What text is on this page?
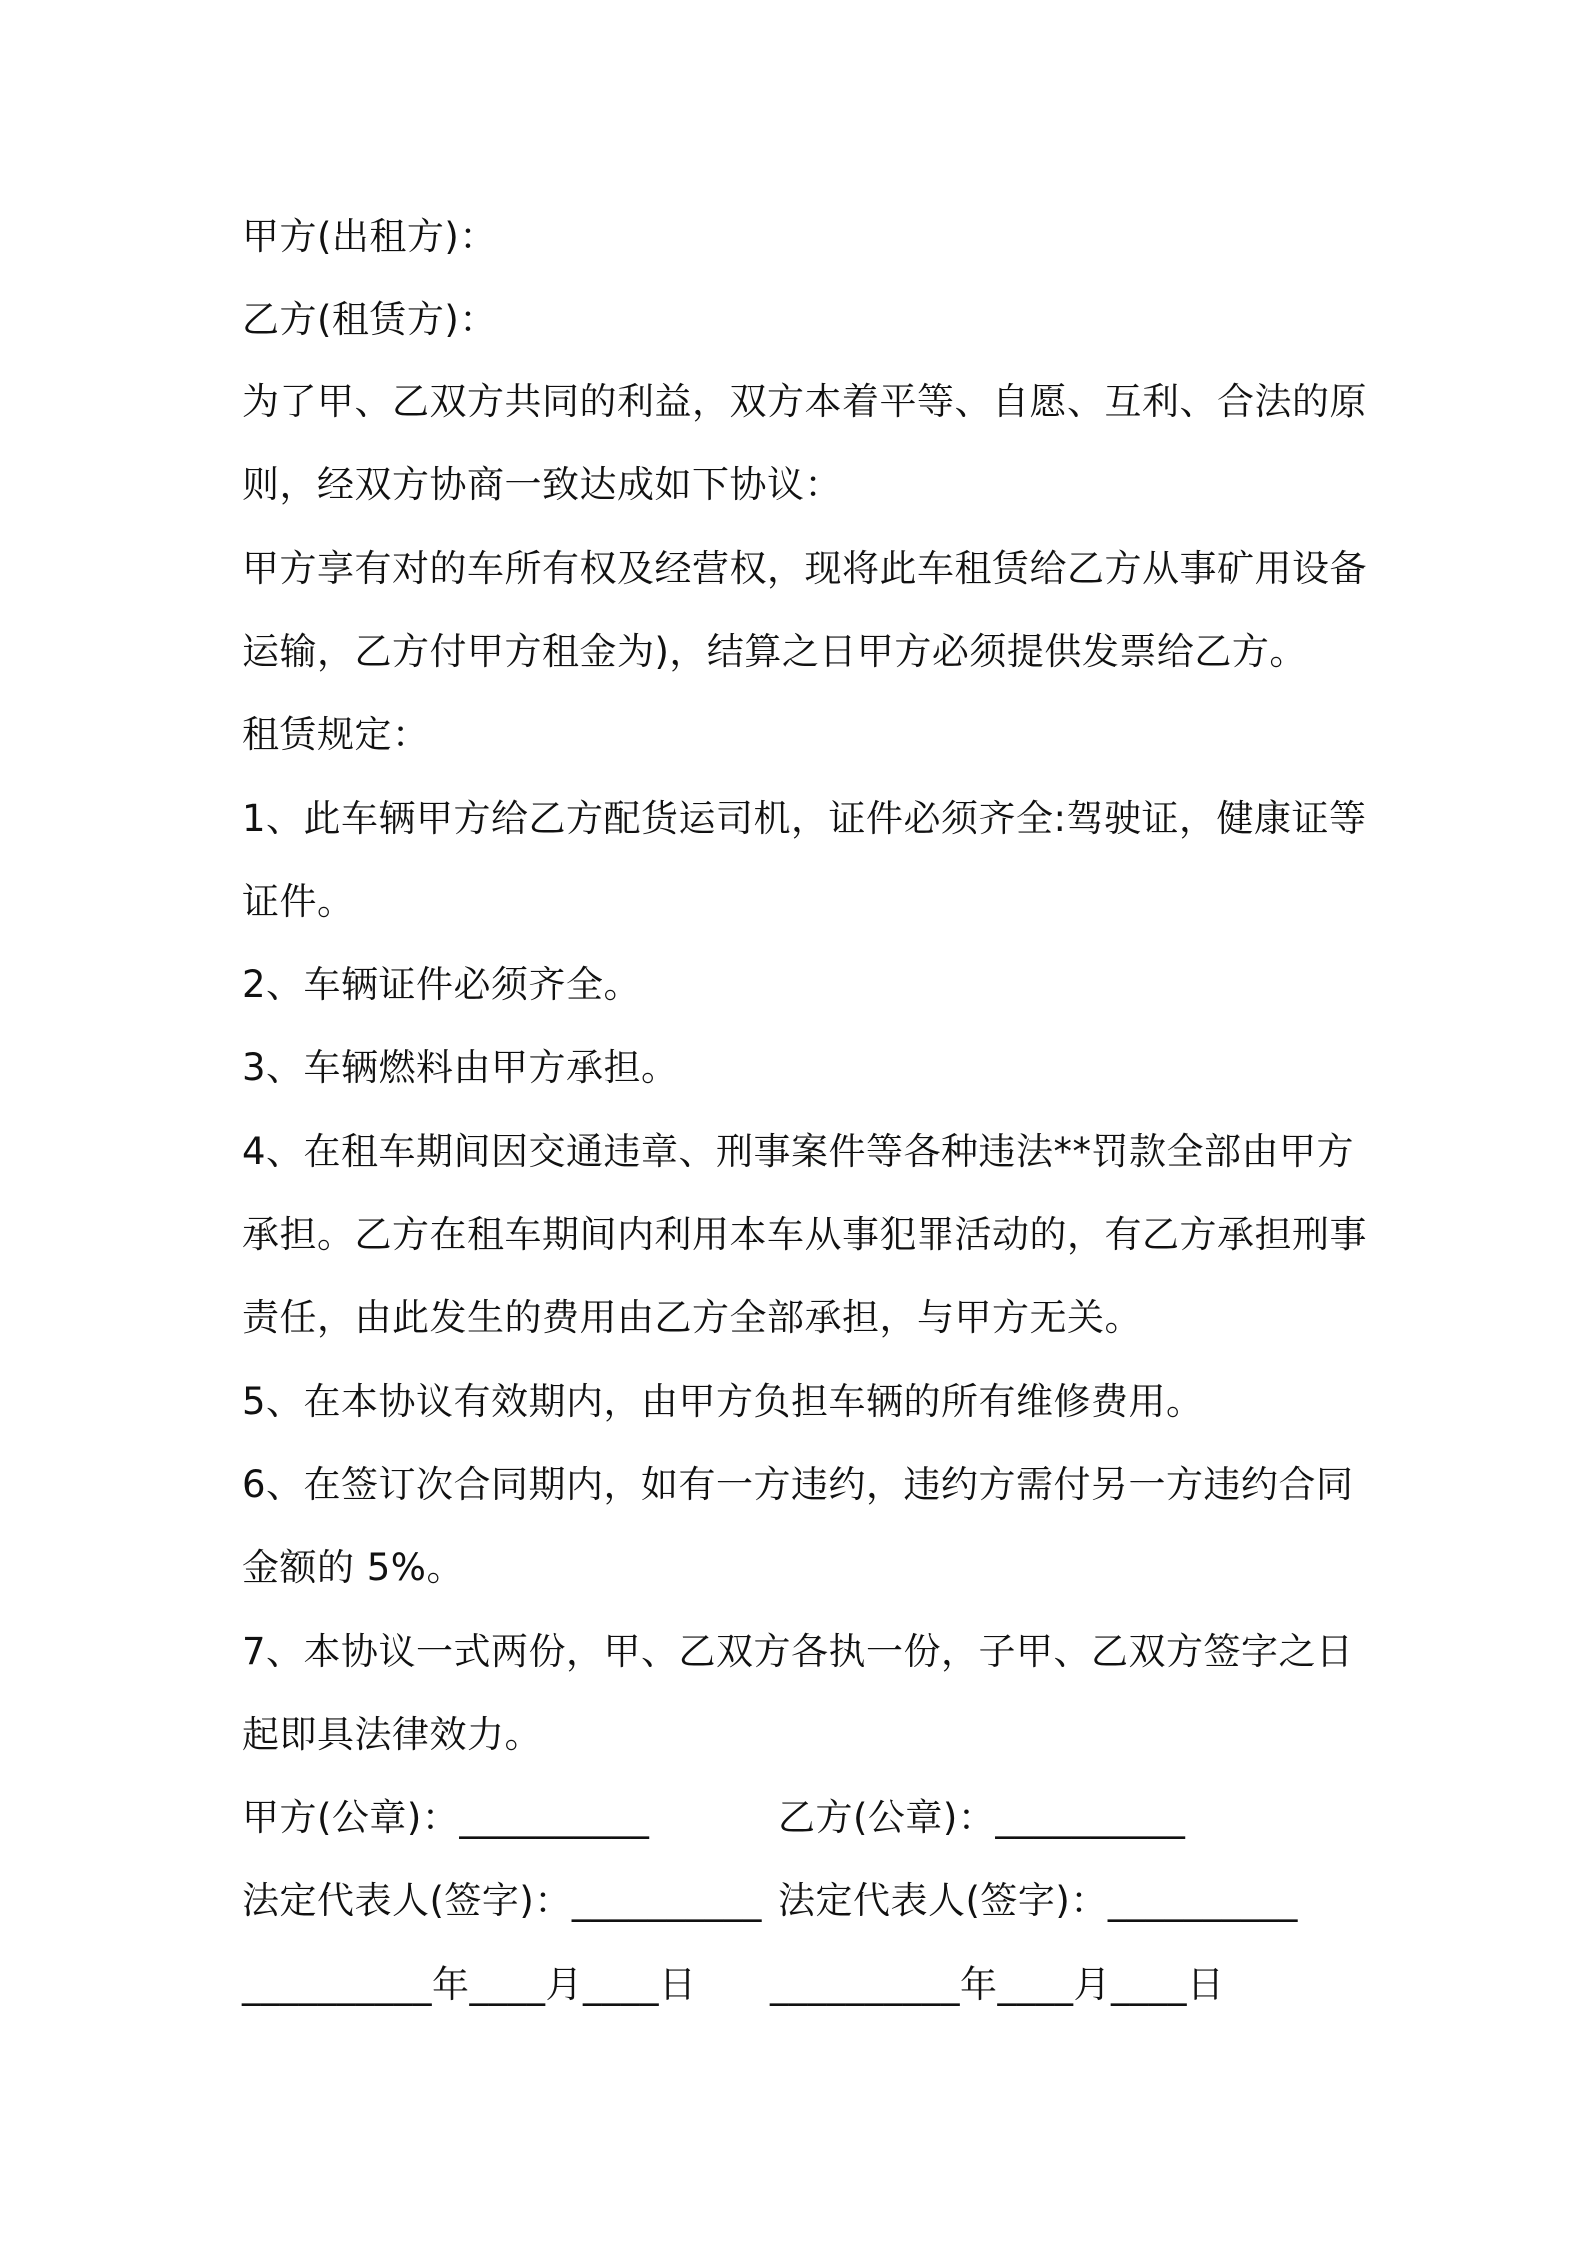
甲方(出租方)：
乙方(租赁方)：
为了甲、乙双方共同的利益，双方本着平等、自愿、互利、合法的原
则，经双方协商一致达成如下协议：
甲方享有对的车所有权及经营权，现将此车租赁给乙方从事矿用设备
运输，乙方付甲方租金为)，结算之日甲方必须提供发票给乙方。
租赁规定：
1、此车辆甲方给乙方配货运司机，证件必须齐全:驾驶证，健康证等
证件。
2、车辆证件必须齐全。
3、车辆燃料由甲方承担。
4、在租车期间因交通违章、刑事案件等各种违法**罚款全部由甲方
承担。乙方在租车期间内利用本车从事犯罪活动的，有乙方承担刑事
责任，由此发生的费用由乙方全部承担，与甲方无关。
5、在本协议有效期内，由甲方负担车辆的所有维修费用。
6、在签订次合同期内，如有一方违约，违约方需付另一方违约合同
金额的 5%。
7、本协议一式两份，甲、乙双方各执一份，子甲、乙双方签字之日
起即具法律效力。
甲方(公章)：__________	乙方(公章)：__________
法定代表人(签字)：__________ 法定代表人(签字)：__________
__________年____月____日 __________年____月____日
